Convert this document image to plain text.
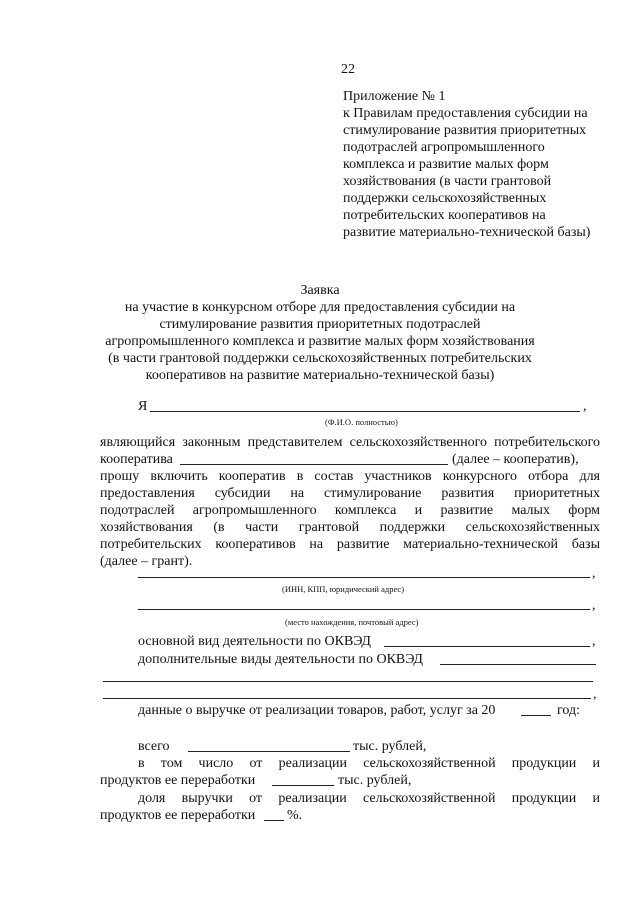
22
Приложение № 1
к Правилам предоставления субсидии на
стимулирование развития приоритетных
подотраслей агропромышленного
комплекса и развитие малых форм
хозяйствования (в части грантовой
поддержки сельскохозяйственных
потребительских кооперативов на
развитие материально-технической базы)
Заявка
на участие в конкурсном отборе для предоставления субсидии на
стимулирование развития приоритетных подотраслей
агропромышленного комплекса и развитие малых форм хозяйствования
(в части грантовой поддержки сельскохозяйственных потребительских
кооперативов на развитие материально-технической базы)
Я	,
(Ф.И.О. полностью)
являющийся законным представителем сельскохозяйственного потребительского
кооператива	(далее – кооператив),
прошу включить кооператив в состав участников конкурсного отбора для
предоставления субсидии на стимулирование развития приоритетных
подотраслей агропромышленного комплекса и развитие малых форм
хозяйствования (в части грантовой поддержки сельскохозяйственных
потребительских кооперативов на развитие материально-технической базы
(далее – грант).
,
(ИНН, КПП, юридический адрес)
,
(место нахождения, почтовый адрес)
основной вид деятельности по ОКВЭД	,
дополнительные виды деятельности по ОКВЭД
,
данные о выручке от реализации товаров, работ, услуг за 20	год:
всего	тыс. рублей,
в том число от реализации сельскохозяйственной продукции и
продуктов ее переработки	тыс. рублей,
доля выручки от реализации сельскохозяйственной продукции и
продуктов ее переработки %.
